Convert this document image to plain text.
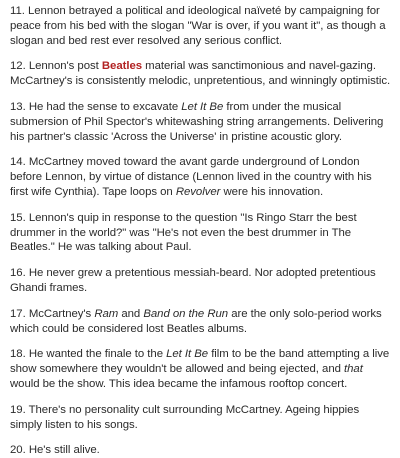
11. Lennon betrayed a political and ideological naïveté by campaigning for peace from his bed with the slogan "War is over, if you want it", as though a slogan and bed rest ever resolved any serious conflict.

12. Lennon's post Beatles material was sanctimonious and navel-gazing. McCartney's is consistently melodic, unpretentious, and winningly optimistic.

13. He had the sense to excavate Let It Be from under the musical submersion of Phil Spector's whitewashing string arrangements. Delivering his partner's classic 'Across the Universe' in pristine acoustic glory.

14. McCartney moved toward the avant garde underground of London before Lennon, by virtue of distance (Lennon lived in the country with his first wife Cynthia). Tape loops on Revolver were his innovation.

15. Lennon's quip in response to the question "Is Ringo Starr the best drummer in the world?" was "He's not even the best drummer in The Beatles." He was talking about Paul.

16. He never grew a pretentious messiah-beard. Nor adopted pretentious Ghandi frames.

17. McCartney's Ram and Band on the Run are the only solo-period works which could be considered lost Beatles albums.

18. He wanted the finale to the Let It Be film to be the band attempting a live show somewhere they wouldn't be allowed and being ejected, and that would be the show. This idea became the infamous rooftop concert.

19. There's no personality cult surrounding McCartney. Ageing hippies simply listen to his songs.

20. He's still alive.
